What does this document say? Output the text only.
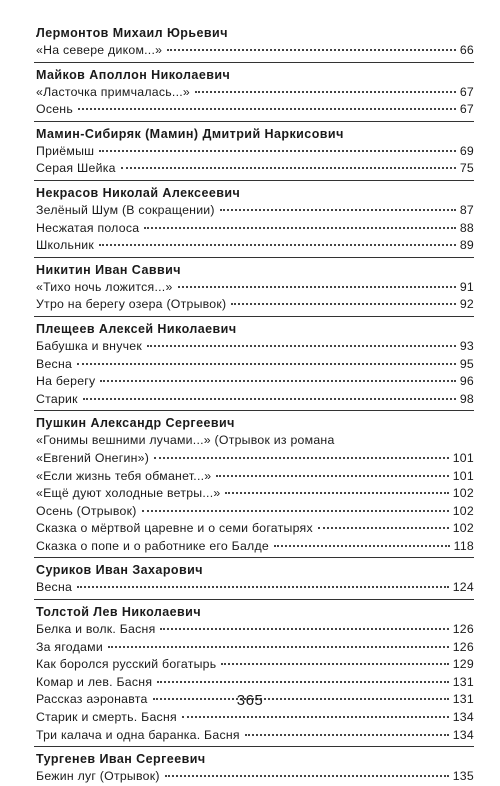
Лермонтов Михаил Юрьевич
«На севере диком...»	66
Майков Аполлон Николаевич
«Ласточка примчалась...»	67
Осень	67
Мамин-Сибиряк (Мамин) Дмитрий Наркисович
Приёмыш	69
Серая Шейка	75
Некрасов Николай Алексеевич
Зелёный Шум (В сокращении)	87
Несжатая полоса	88
Школьник	89
Никитин Иван Саввич
«Тихо ночь ложится...»	91
Утро на берегу озера (Отрывок)	92
Плещеев Алексей Николаевич
Бабушка и внучек	93
Весна	95
На берегу	96
Старик	98
Пушкин Александр Сергеевич
«Гонимы вешними лучами...» (Отрывок из романа
«Евгений Онегин»)	101
«Если жизнь тебя обманет...»	101
«Ещё дуют холодные ветры...»	102
Осень (Отрывок)	102
Сказка о мёртвой царевне и о семи богатырях	102
Сказка о попе и о работнике его Балде	118
Суриков Иван Захарович
Весна	124
Толстой Лев Николаевич
Белка и волк. Басня	126
За ягодами	126
Как боролся русский богатырь	129
Комар и лев. Басня	131
Рассказ аэронавта	131
Старик и смерть. Басня	134
Три калача и одна баранка. Басня	134
Тургенев Иван Сергеевич
Бежин луг (Отрывок)	135
365
